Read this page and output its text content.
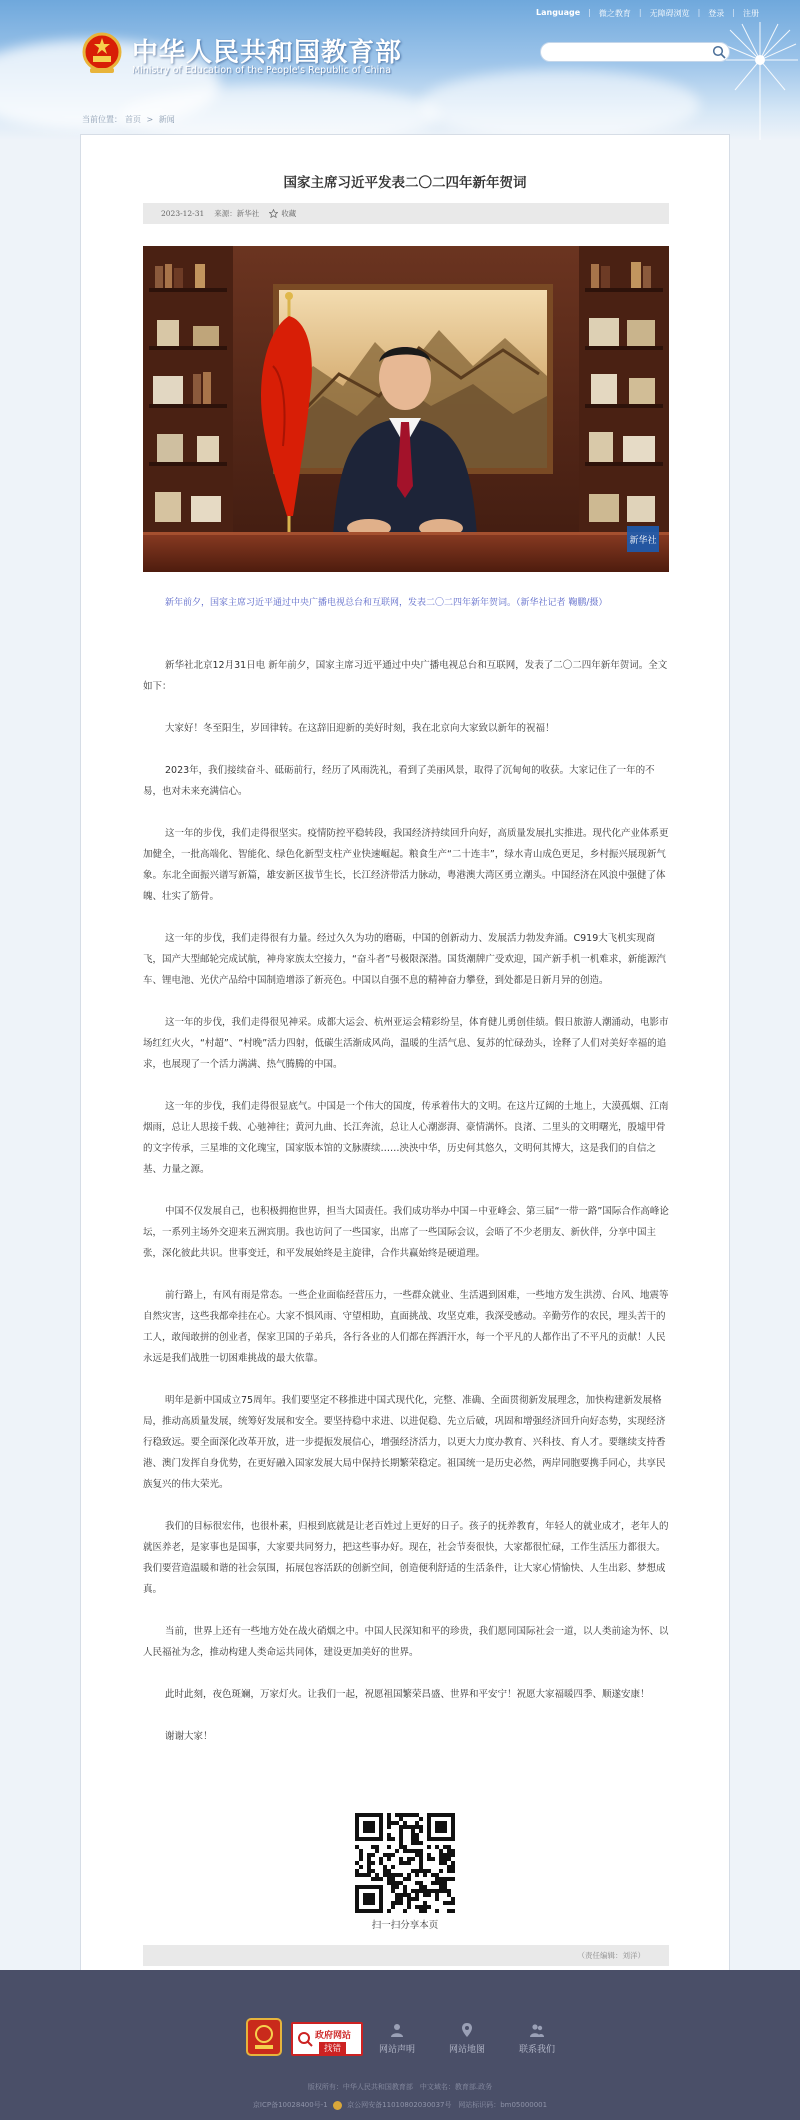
Language | 微之教育 | 无障碍浏览 | 登录 | 注册
中华人民共和国教育部
Ministry of Education of the People's Republic of China
当前位置： 首页 > 新闻
国家主席习近平发表二〇二四年新年贺词
2023-12-31 来源：新华社	收藏
新华社

新年前夕，国家主席习近平通过中央广播电视总台和互联网，发表二〇二四年新年贺词。（新华社记者 鞠鹏/摄）

新华社北京12月31日电 新年前夕，国家主席习近平通过中央广播电视总台和互联网，发表了二〇二四年新年贺词。全文如下：

大家好！冬至阳生，岁回律转。在这辞旧迎新的美好时刻，我在北京向大家致以新年的祝福！

2023年，我们接续奋斗、砥砺前行，经历了风雨洗礼，看到了美丽风景，取得了沉甸甸的收获。大家记住了一年的不易，也对未来充满信心。

这一年的步伐，我们走得很坚实。疫情防控平稳转段，我国经济持续回升向好，高质量发展扎实推进。现代化产业体系更加健全，一批高端化、智能化、绿色化新型支柱产业快速崛起。粮食生产“二十连丰”，绿水青山成色更足，乡村振兴展现新气象。东北全面振兴谱写新篇，雄安新区拔节生长，长江经济带活力脉动，粤港澳大湾区勇立潮头。中国经济在风浪中强健了体魄、壮实了筋骨。

这一年的步伐，我们走得很有力量。经过久久为功的磨砺，中国的创新动力、发展活力勃发奔涌。C919大飞机实现商飞，国产大型邮轮完成试航，神舟家族太空接力，“奋斗者”号极限深潜。国货潮牌广受欢迎，国产新手机一机难求，新能源汽车、锂电池、光伏产品给中国制造增添了新亮色。中国以自强不息的精神奋力攀登，到处都是日新月异的创造。

这一年的步伐，我们走得很见神采。成都大运会、杭州亚运会精彩纷呈，体育健儿勇创佳绩。假日旅游人潮涌动，电影市场红红火火，“村超”、“村晚”活力四射，低碳生活渐成风尚，温暖的生活气息、复苏的忙碌劲头，诠释了人们对美好幸福的追求，也展现了一个活力满满、热气腾腾的中国。

这一年的步伐，我们走得很显底气。中国是一个伟大的国度，传承着伟大的文明。在这片辽阔的土地上，大漠孤烟、江南烟雨，总让人思接千载、心驰神往；黄河九曲、长江奔流，总让人心潮澎湃、豪情满怀。良渚、二里头的文明曙光，殷墟甲骨的文字传承，三星堆的文化瑰宝，国家版本馆的文脉赓续……泱泱中华，历史何其悠久，文明何其博大，这是我们的自信之基、力量之源。

中国不仅发展自己，也积极拥抱世界，担当大国责任。我们成功举办中国－中亚峰会、第三届“一带一路”国际合作高峰论坛，一系列主场外交迎来五洲宾朋。我也访问了一些国家，出席了一些国际会议，会晤了不少老朋友、新伙伴，分享中国主张，深化彼此共识。世事变迁，和平发展始终是主旋律，合作共赢始终是硬道理。

前行路上，有风有雨是常态。一些企业面临经营压力，一些群众就业、生活遇到困难，一些地方发生洪涝、台风、地震等自然灾害，这些我都牵挂在心。大家不惧风雨、守望相助，直面挑战、攻坚克难，我深受感动。辛勤劳作的农民，埋头苦干的工人，敢闯敢拼的创业者，保家卫国的子弟兵，各行各业的人们都在挥洒汗水，每一个平凡的人都作出了不平凡的贡献！人民永远是我们战胜一切困难挑战的最大依靠。

明年是新中国成立75周年。我们要坚定不移推进中国式现代化，完整、准确、全面贯彻新发展理念，加快构建新发展格局，推动高质量发展，统筹好发展和安全。要坚持稳中求进、以进促稳、先立后破，巩固和增强经济回升向好态势，实现经济行稳致远。要全面深化改革开放，进一步提振发展信心，增强经济活力，以更大力度办教育、兴科技、育人才。要继续支持香港、澳门发挥自身优势，在更好融入国家发展大局中保持长期繁荣稳定。祖国统一是历史必然，两岸同胞要携手同心，共享民族复兴的伟大荣光。

我们的目标很宏伟，也很朴素，归根到底就是让老百姓过上更好的日子。孩子的抚养教育，年轻人的就业成才，老年人的就医养老，是家事也是国事，大家要共同努力，把这些事办好。现在，社会节奏很快，大家都很忙碌，工作生活压力都很大。我们要营造温暖和谐的社会氛围，拓展包容活跃的创新空间，创造便利舒适的生活条件，让大家心情愉快、人生出彩、梦想成真。

当前，世界上还有一些地方处在战火硝烟之中。中国人民深知和平的珍贵，我们愿同国际社会一道，以人类前途为怀、以人民福祉为念，推动构建人类命运共同体，建设更加美好的世界。

此时此刻，夜色斑斓，万家灯火。让我们一起，祝愿祖国繁荣昌盛、世界和平安宁！祝愿大家福暖四季、顺遂安康！

谢谢大家！

扫一扫分享本页
（责任编辑：刘洋）
政府网站
找错	网站声明	网站地图	联系我们
版权所有：中华人民共和国教育部　中文域名：教育部.政务
京ICP备10028400号-1	京公网安备11010802030037号 网站标识码：bm05000001
